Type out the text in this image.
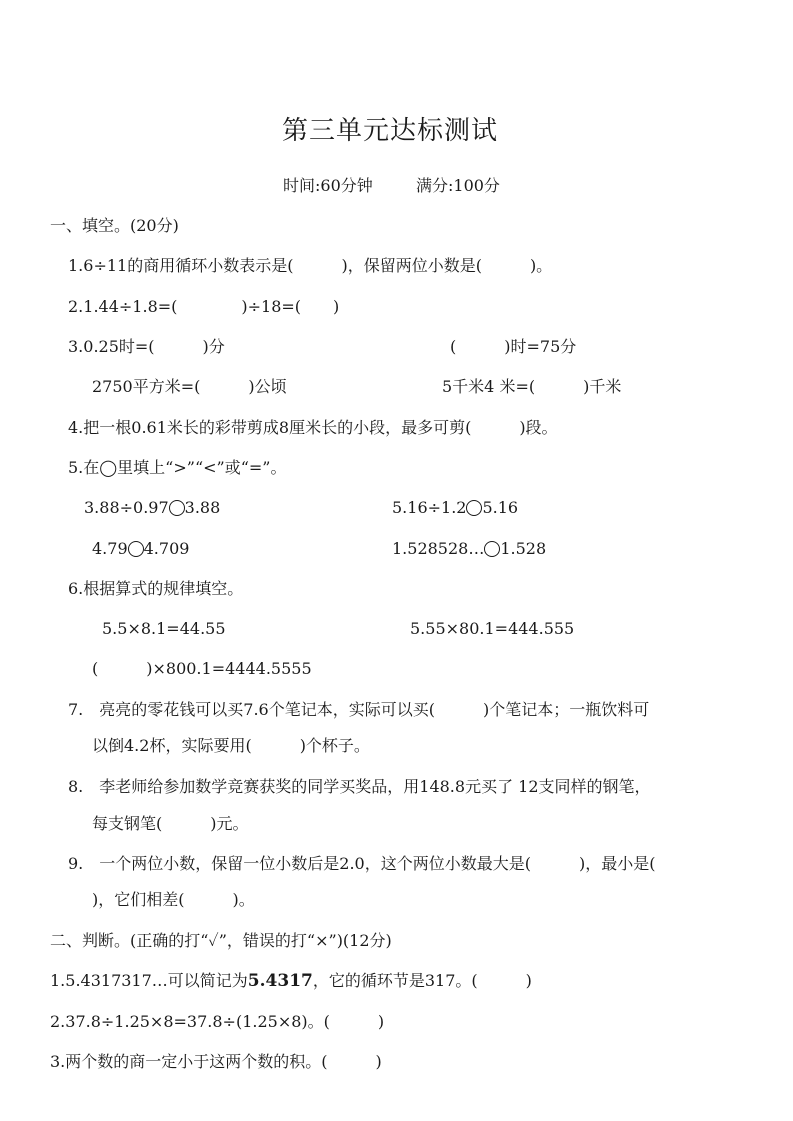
第三单元达标测试
时间:60分钟	满分:100分
一、填空。(20分)
1.6÷11的商用循环小数表示是(　　　)，保留两位小数是(　　　)。
2.1.44÷1.8=(　　　　)÷18=(　　)
3.0.25时=(　　　)分	(　　　)时=75分
2750平方米=(　　　)公顷	5千米4 米=(　　　)千米
4.把一根0.61米长的彩带剪成8厘米长的小段，最多可剪(　　　)段。
5.在◯里填上“>”“<”或“=”。
3.88÷0.97 3.88	5.16÷1.2 5.16
4.79 4.709	1.528528… 1.528
6.根据算式的规律填空。
5.5×8.1=44.55	5.55×80.1=444.555
(　　　)×800.1=4444.5555
7.　亮亮的零花钱可以买7.6个笔记本，实际可以买(　　　)个笔记本；一瓶饮料可
以倒4.2杯，实际要用(　　　)个杯子。
8.　李老师给参加数学竞赛获奖的同学买奖品，用148.8元买了 12支同样的钢笔，
每支钢笔(　　　)元。
9.　一个两位小数，保留一位小数后是2.0，这个两位小数最大是(　　　)，最小是(
)，它们相差(　　　)。
二、判断。(正确的打“✓”，错误的打“×”)(12分)
1.5.4317317…可以简记为5.4317，它的循环节是317。(　　　)
2.37.8÷1.25×8=37.8÷(1.25×8)。(　　　)
3.两个数的商一定小于这两个数的积。(　　　)
